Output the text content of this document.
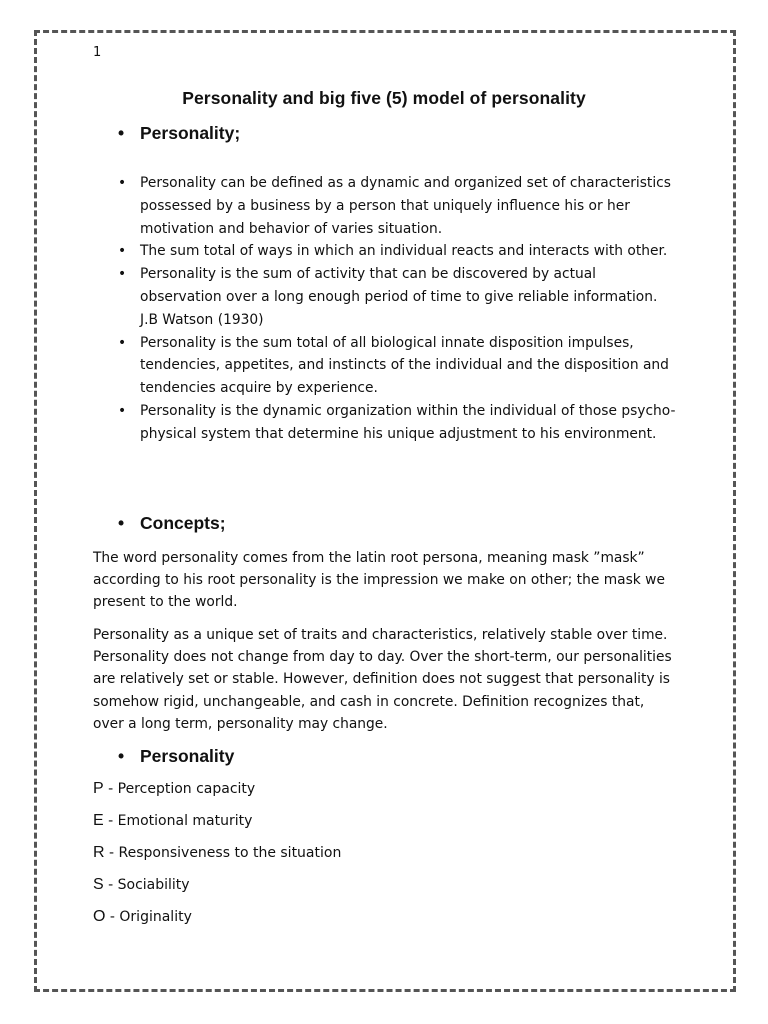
1
Personality and big five (5) model of personality
• Personality;
• Personality can be defined as a dynamic and organized set of characteristics possessed by a business by a person that uniquely influence his or her motivation and behavior of varies situation.
• The sum total of ways in which an individual reacts and interacts with other.
• Personality is the sum of activity that can be discovered by actual observation over a long enough period of time to give reliable information. J.B Watson (1930)
• Personality is the sum total of all biological innate disposition impulses, tendencies, appetites, and instincts of the individual and the disposition and tendencies acquire by experience.
• Personality is the dynamic organization within the individual of those psycho-physical system that determine his unique adjustment to his environment.
• Concepts;

The word personality comes from the latin root persona, meaning mask ”mask” according to his root personality is the impression we make on other; the mask we present to the world.

Personality as a unique set of traits and characteristics, relatively stable over time. Personality does not change from day to day. Over the short-term, our personalities are relatively set or stable. However, definition does not suggest that personality is somehow rigid, unchangeable, and cash in concrete. Definition recognizes that, over a long term, personality may change.

• Personality

P - Perception capacity

E - Emotional maturity

R - Responsiveness to the situation

S - Sociability

O - Originality
